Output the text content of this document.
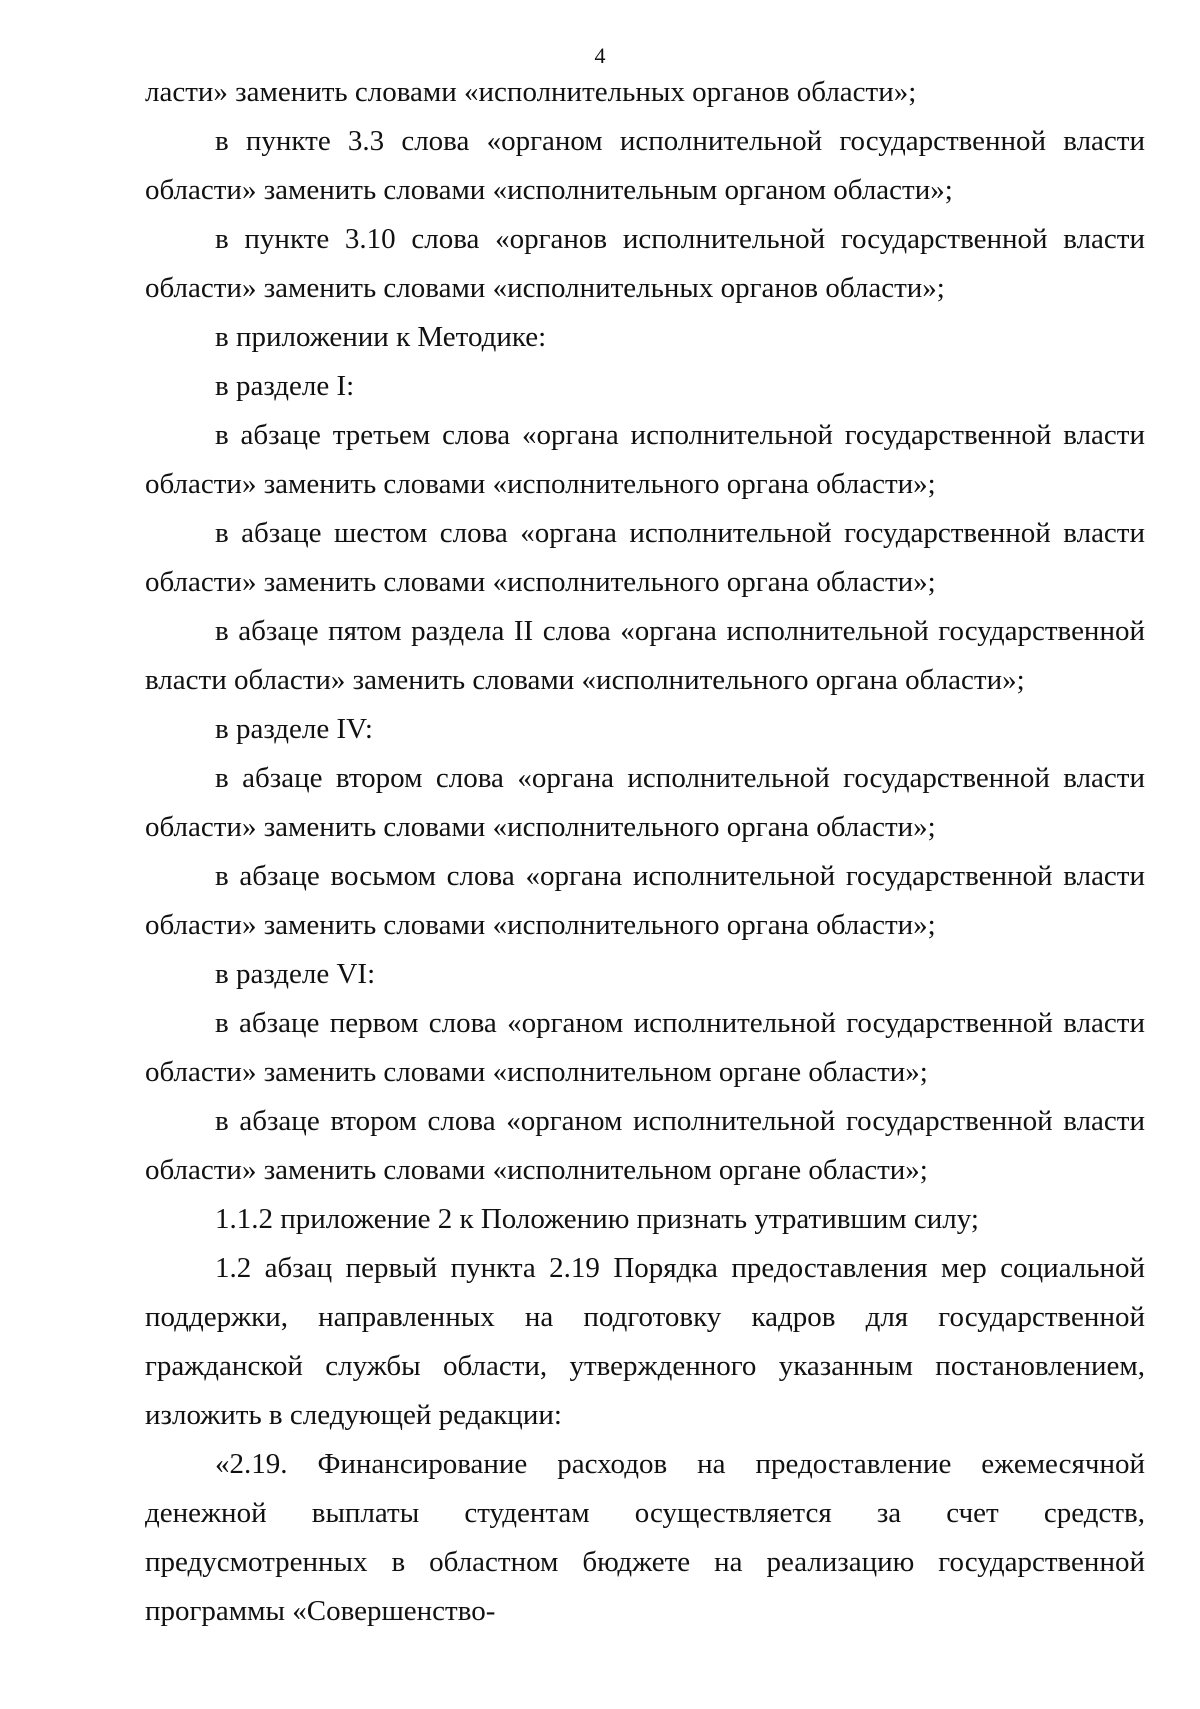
4

ласти» заменить словами «исполнительных органов области»;

в пункте 3.3 слова «органом исполнительной государственной власти области» заменить словами «исполнительным органом области»;

в пункте 3.10 слова «органов исполнительной государственной власти области» заменить словами «исполнительных органов области»;

в приложении к Методике:

в разделе I:

в абзаце третьем слова «органа исполнительной государственной власти области» заменить словами «исполнительного органа области»;

в абзаце шестом слова «органа исполнительной государственной власти области» заменить словами «исполнительного органа области»;

в абзаце пятом раздела II слова «органа исполнительной государственной власти области» заменить словами «исполнительного органа области»;

в разделе IV:

в абзаце втором слова «органа исполнительной государственной власти области» заменить словами «исполнительного органа области»;

в абзаце восьмом слова «органа исполнительной государственной власти области» заменить словами «исполнительного органа области»;

в разделе VI:

в абзаце первом слова «органом исполнительной государственной власти области» заменить словами «исполнительном органе области»;

в абзаце втором слова «органом исполнительной государственной власти области» заменить словами «исполнительном органе области»;

1.1.2 приложение 2 к Положению признать утратившим силу;

1.2 абзац первый пункта 2.19 Порядка предоставления мер социальной поддержки, направленных на подготовку кадров для государственной гражданской службы области, утвержденного указанным постановлением, изложить в следующей редакции:

«2.19. Финансирование расходов на предоставление ежемесячной денежной выплаты студентам осуществляется за счет средств, предусмотренных в областном бюджете на реализацию государственной программы «Совершенство-
